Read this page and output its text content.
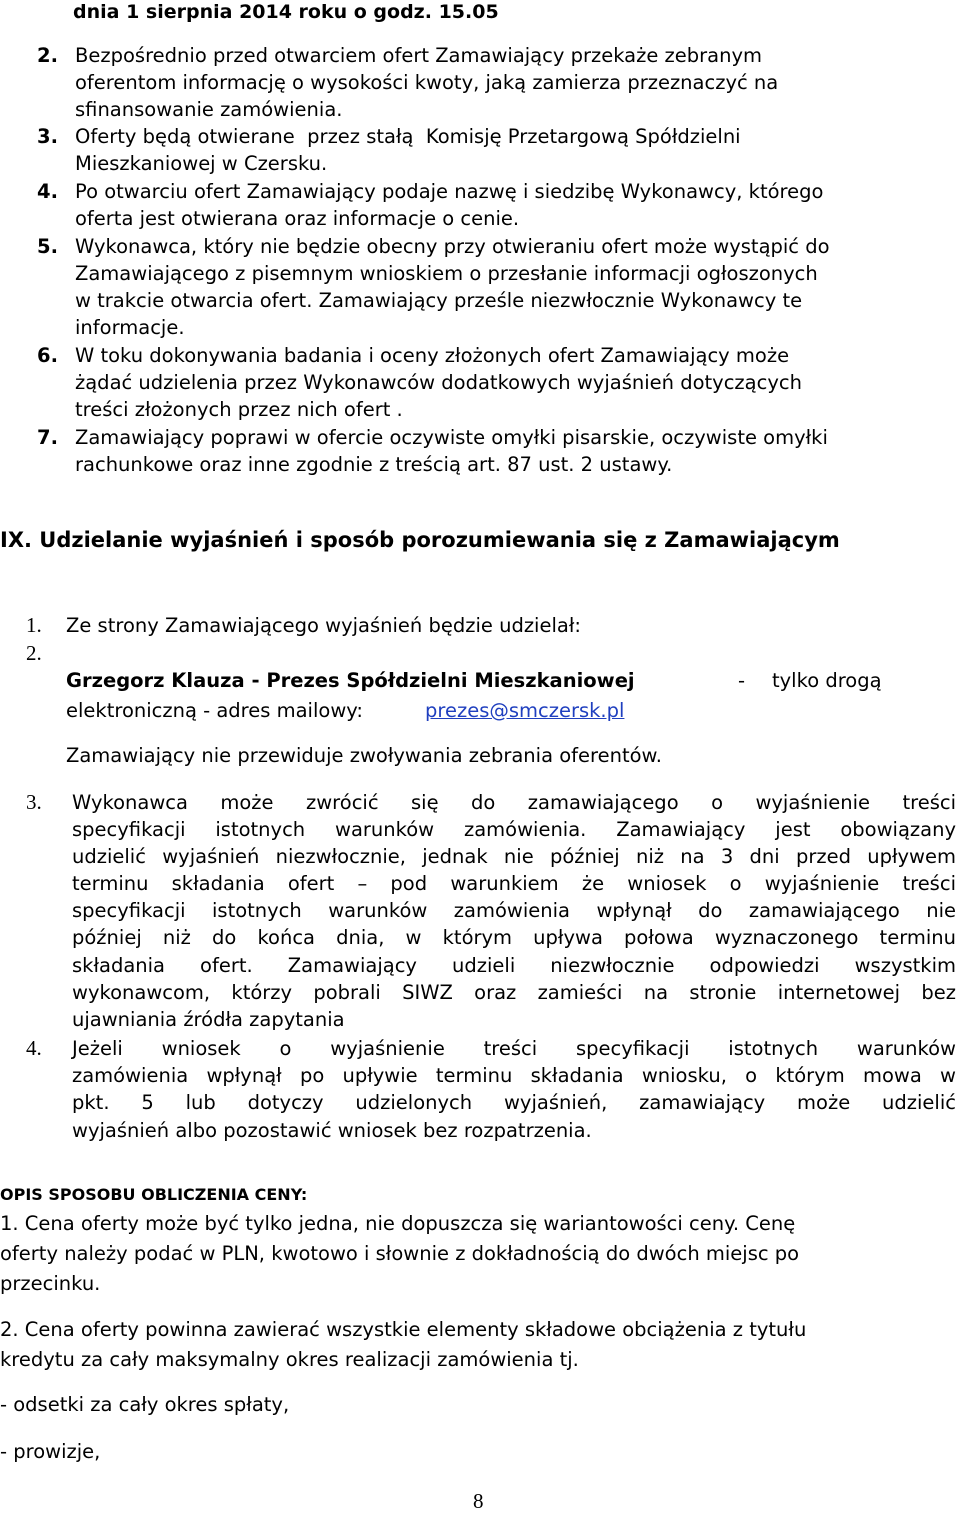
dnia 1 sierpnia 2014 roku o godz. 15.05
2. Bezpośrednio przed otwarciem ofert Zamawiający przekaże zebranym
oferentom informację o wysokości kwoty, jaką zamierza przeznaczyć na
sfinansowanie zamówienia.
3. Oferty będą otwierane  przez stałą  Komisję Przetargową Spółdzielni
Mieszkaniowej w Czersku.
4. Po otwarciu ofert Zamawiający podaje nazwę i siedzibę Wykonawcy, którego
oferta jest otwierana oraz informacje o cenie.
5. Wykonawca, który nie będzie obecny przy otwieraniu ofert może wystąpić do
Zamawiającego z pisemnym wnioskiem o przesłanie informacji ogłoszonych
w trakcie otwarcia ofert. Zamawiający prześle niezwłocznie Wykonawcy te
informacje.
6. W toku dokonywania badania i oceny złożonych ofert Zamawiający może
żądać udzielenia przez Wykonawców dodatkowych wyjaśnień dotyczących
treści złożonych przez nich ofert .
7. Zamawiający poprawi w ofercie oczywiste omyłki pisarskie, oczywiste omyłki
rachunkowe oraz inne zgodnie z treścią art. 87 ust. 2 ustawy.
IX. Udzielanie wyjaśnień i sposób porozumiewania się z Zamawiającym
1. Ze strony Zamawiającego wyjaśnień będzie udzielał:
2.
Grzegorz Klauza - Prezes Spółdzielni Mieszkaniowej	- tylko drogą
elektroniczną - adres mailowy:	prezes@smczersk.pl
Zamawiający nie przewiduje zwoływania zebrania oferentów.
3. Wykonawca może zwrócić się do zamawiającego o wyjaśnienie treści
specyfikacji istotnych warunków zamówienia. Zamawiający jest obowiązany
udzielić wyjaśnień niezwłocznie, jednak nie później niż na 3 dni przed upływem
terminu składania ofert – pod warunkiem że wniosek o wyjaśnienie treści
specyfikacji istotnych warunków zamówienia wpłynął do zamawiającego nie
później niż do końca dnia, w którym upływa połowa wyznaczonego terminu
składania ofert. Zamawiający udzieli niezwłocznie odpowiedzi wszystkim
wykonawcom, którzy pobrali SIWZ oraz zamieści na stronie internetowej bez
ujawniania źródła zapytania
4. Jeżeli wniosek o wyjaśnienie treści specyfikacji istotnych warunków
zamówienia wpłynął po upływie terminu składania wniosku, o którym mowa w
pkt. 5 lub dotyczy udzielonych wyjaśnień, zamawiający może udzielić
wyjaśnień albo pozostawić wniosek bez rozpatrzenia.
OPIS SPOSOBU OBLICZENIA CENY:
1. Cena oferty może być tylko jedna, nie dopuszcza się wariantowości ceny. Cenę
oferty należy podać w PLN, kwotowo i słownie z dokładnością do dwóch miejsc po
przecinku.
2. Cena oferty powinna zawierać wszystkie elementy składowe obciążenia z tytułu
kredytu za cały maksymalny okres realizacji zamówienia tj.
- odsetki za cały okres spłaty,
- prowizje,
8
